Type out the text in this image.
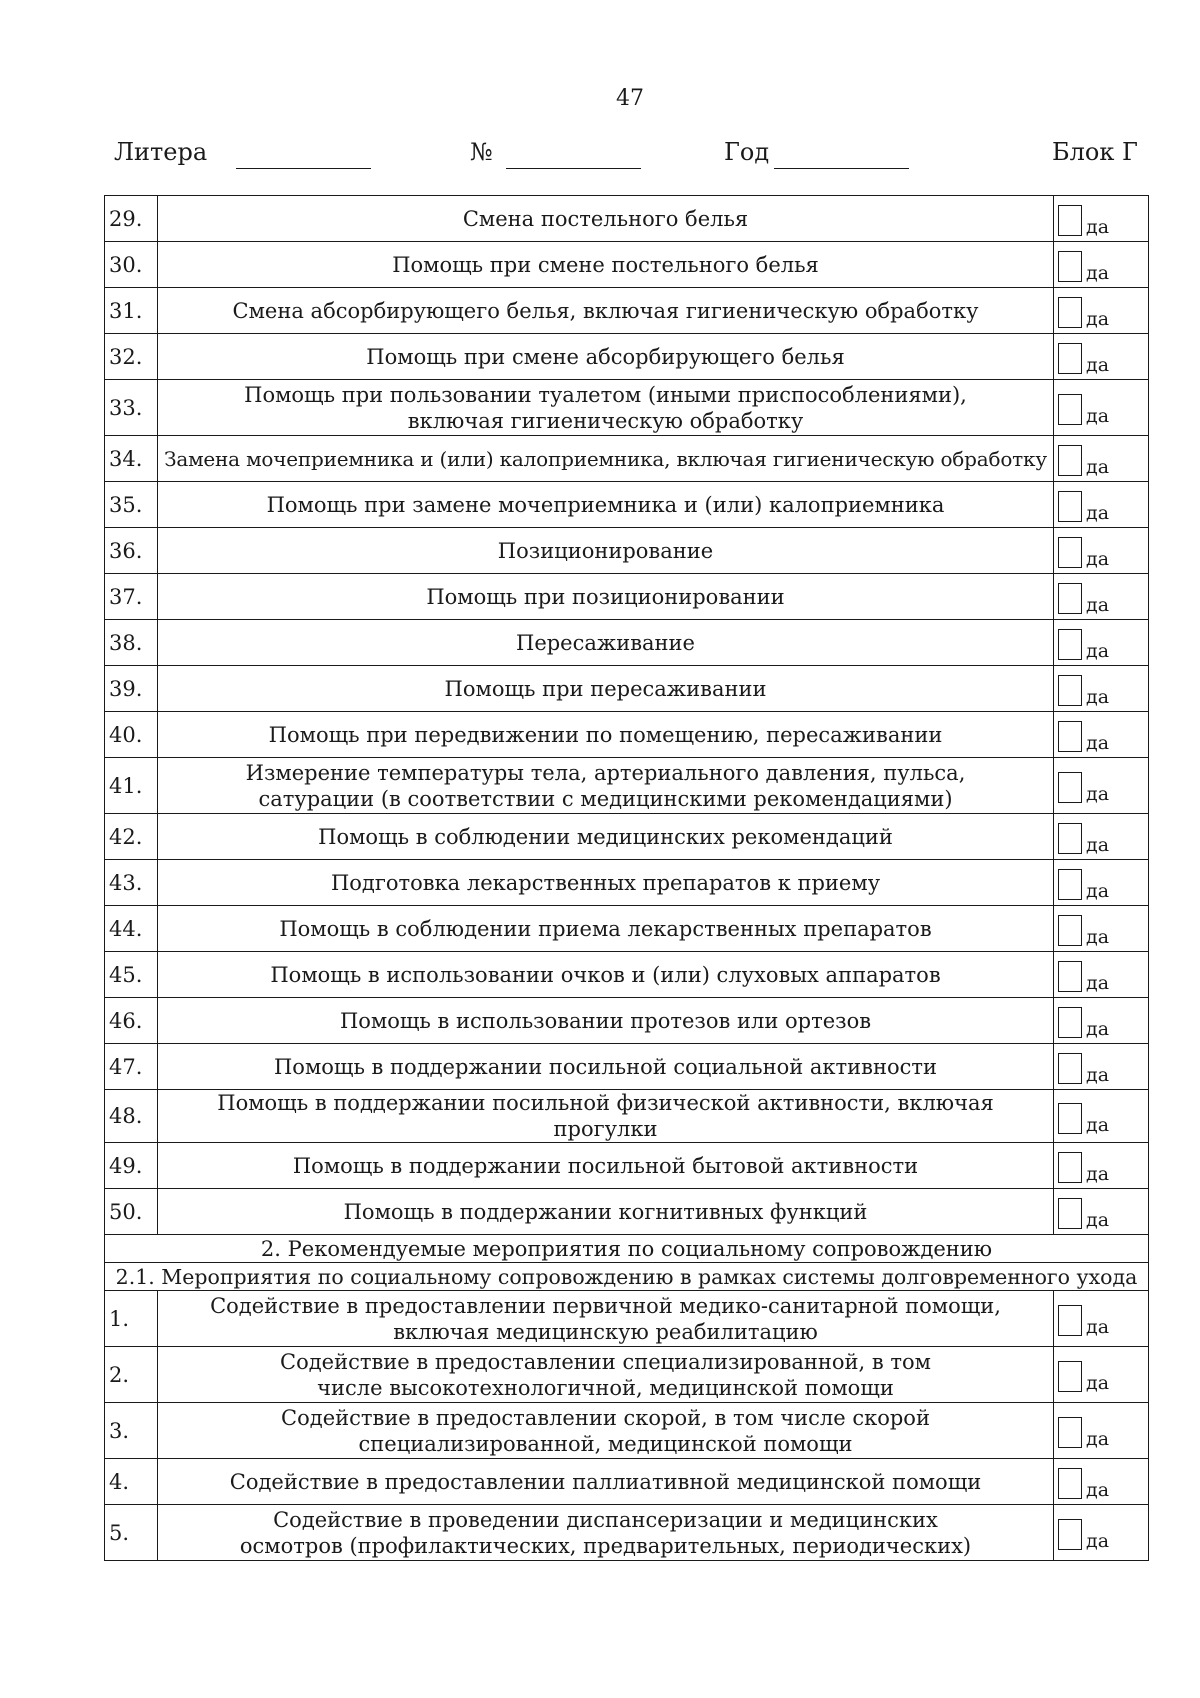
47
Литера	№	Год	Блок Г
29.	Смена постельного белья	да
30.	Помощь при смене постельного белья	да
31.	Смена абсорбирующего белья, включая гигиеническую обработку	да
32.	Помощь при смене абсорбирующего белья	да
33.	Помощь при пользовании туалетом (иными приспособлениями), включая гигиеническую обработку	да
34.	Замена мочеприемника и (или) калоприемника, включая гигиеническую обработку	да
35.	Помощь при замене мочеприемника и (или) калоприемника	да
36.	Позиционирование	да
37.	Помощь при позиционировании	да
38.	Пересаживание	да
39.	Помощь при пересаживании	да
40.	Помощь при передвижении по помещению, пересаживании	да
41.	Измерение температуры тела, артериального давления, пульса, сатурации (в соответствии с медицинскими рекомендациями)	да
42.	Помощь в соблюдении медицинских рекомендаций	да
43.	Подготовка лекарственных препаратов к приему	да
44.	Помощь в соблюдении приема лекарственных препаратов	да
45.	Помощь в использовании очков и (или) слуховых аппаратов	да
46.	Помощь в использовании протезов или ортезов	да
47.	Помощь в поддержании посильной социальной активности	да
48.	Помощь в поддержании посильной физической активности, включая прогулки	да
49.	Помощь в поддержании посильной бытовой активности	да
50.	Помощь в поддержании когнитивных функций	да
2. Рекомендуемые мероприятия по социальному сопровождению		
2.1. Мероприятия по социальному сопровождению в рамках системы долговременного ухода		
1.	Содействие в предоставлении первичной медико-санитарной помощи, включая медицинскую реабилитацию	да
2.	Содействие в предоставлении специализированной, в том числе высокотехнологичной, медицинской помощи	да
3.	Содействие в предоставлении скорой, в том числе скорой специализированной, медицинской помощи	да
4.	Содействие в предоставлении паллиативной медицинской помощи	да
5.	Содействие в проведении диспансеризации и медицинских осмотров (профилактических, предварительных, периодических)	да
